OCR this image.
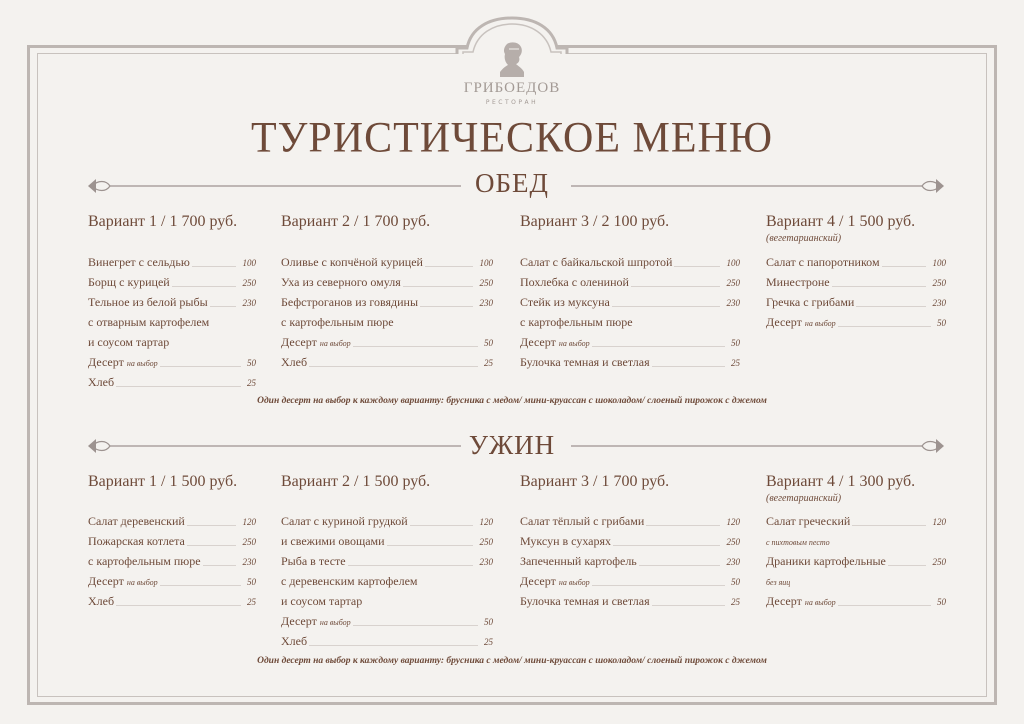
ГРИБОЕДОВ
РЕСТОРАН
ТУРИСТИЧЕСКОЕ МЕНЮ
ОБЕД
Вариант 1 / 1 700 руб.
Винегрет с сельдью	100
Борщ с курицей	250
Тельное из белой рыбы	230
с отварным картофелем
и соусом тартар
Десерт на выбор	50
Хлеб	25
Вариант 2 / 1 700 руб.
Оливье с копчёной курицей	100
Уха из северного омуля	250
Бефстроганов из говядины	230
с картофельным пюре
Десерт на выбор	50
Хлеб	25
Вариант 3 / 2 100 руб.
Салат с байкальской шпротой	100
Похлебка с олениной	250
Стейк из муксуна	230
с картофельным пюре
Десерт на выбор	50
Булочка темная и светлая	25
Вариант 4 / 1 500 руб.
(вегетарианский)
Салат с папоротником	100
Минестроне	250
Гречка с грибами	230
Десерт на выбор	50
Один десерт на выбор к каждому варианту: брусника с медом/ мини-круассан с шоколадом/ слоеный пирожок с джемом
УЖИН
Вариант 1 / 1 500 руб.
Салат деревенский	120
Пожарская котлета	250
с картофельным пюре	230
Десерт на выбор	50
Хлеб	25
Вариант 2 / 1 500 руб.
Салат с куриной грудкой	120
и свежими овощами	250
Рыба в тесте	230
с деревенским картофелем
и соусом тартар
Десерт на выбор	50
Хлеб	25
Вариант 3 / 1 700 руб.
Салат тёплый с грибами	120
Муксун в сухарях	250
Запеченный картофель	230
Десерт на выбор	50
Булочка темная и светлая	25
Вариант 4 / 1 300 руб.
(вегетарианский)
Салат греческий	120
с пихтовым песто
Драники картофельные	250
без яиц
Десерт на выбор	50
Один десерт на выбор к каждому варианту: брусника с медом/ мини-круассан с шоколадом/ слоеный пирожок с джемом
